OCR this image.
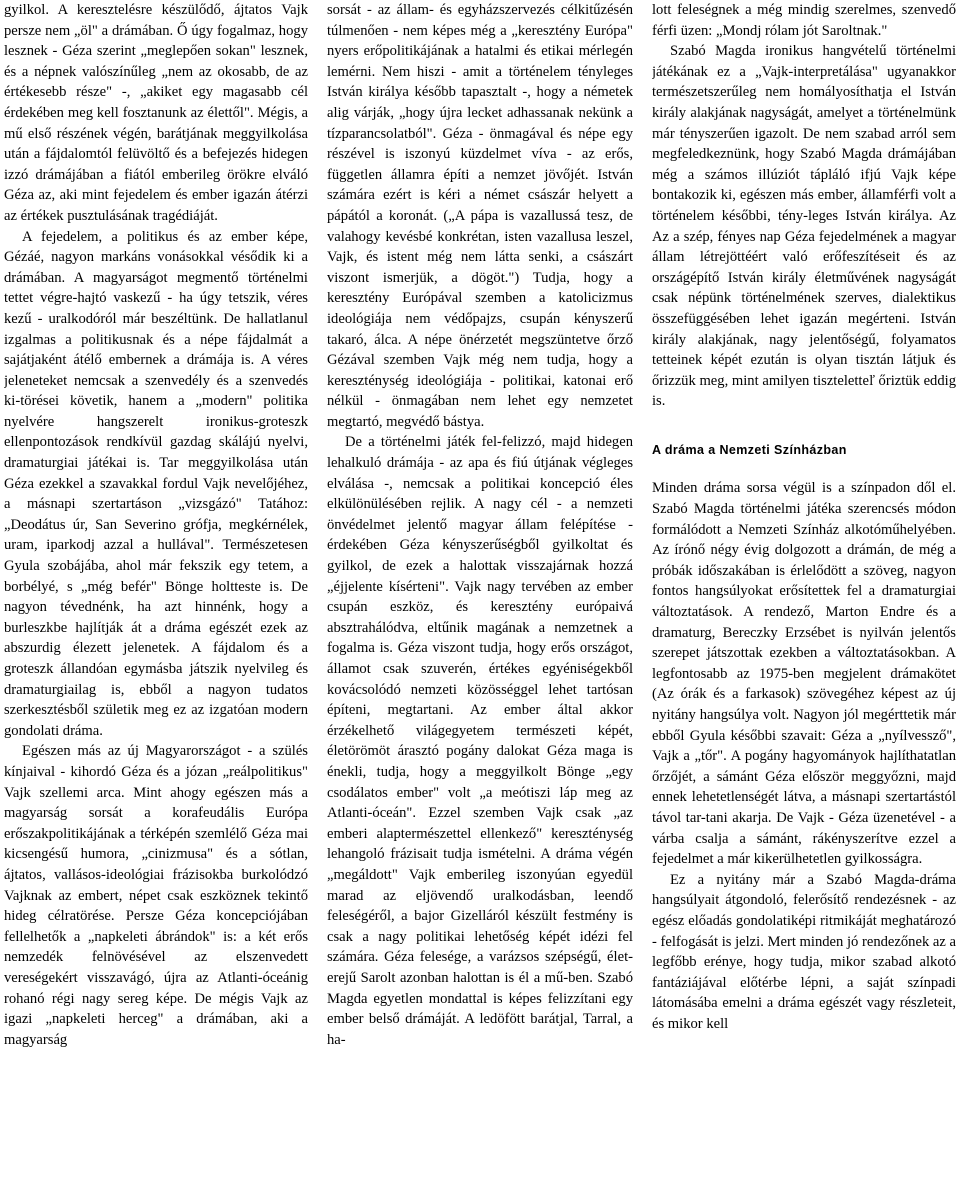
gyilkol. A keresztelésre készülődő, ájtatos Vajk persze nem „öl" a drámában. Ő úgy fogalmaz, hogy lesznek - Géza szerint „meglepően sokan" lesznek, és a népnek valószínűleg „nem az okosabb, de az értékesebb része" -, „akiket egy magasabb cél érdekében meg kell fosztanunk az élettől". Mégis, a mű első részének végén, barátjának meggyilkolása után a fájdalomtól felüvöltő és a befejezés hidegen izzó drámájában a fiától emberileg örökre elváló Géza az, aki mint fejedelem és ember igazán átérzi az értékek pusztulásának tragédiáját.

A fejedelem, a politikus és az ember képe, Gézáé, nagyon markáns vonásokkal vésődik ki a drámában. A magyarságot megmentő történelmi tettet végre-hajtó vaskezű - ha úgy tetszik, véres kezű - uralkodóról már beszéltünk. De hallatlanul izgalmas a politikusnak és a népe fájdalmát a sajátjaként átélő embernek a drámája is. A véres jeleneteket nemcsak a szenvedély és a szenvedés ki-törései követik, hanem a „modern" politika nyelvére hangszerelt ironikus-groteszk ellenpontozások rendkívül gazdag skálájú nyelvi, dramaturgiai játékai is. Tar meggyilkolása után Géza ezekkel a szavakkal fordul Vajk nevelőjéhez, a másnapi szertartáson „vizsgázó" Tatához: „Deodátus úr, San Severino grófja, megkérnélek, uram, iparkodj azzal a hullával". Természetesen Gyula szobájába, ahol már fekszik egy tetem, a borbélyé, s „még befér" Bönge holtteste is. De nagyon tévednénk, ha azt hinnénk, hogy a burleszkbe hajlítják át a dráma egészét ezek az abszurdig élezett jelenetek. A fájdalom és a groteszk állandóan egymásba játszik nyelvileg és dramaturgiailag is, ebből a nagyon tudatos szerkesztésből születik meg ez az izgatóan modern gondolati dráma.

Egészen más az új Magyarországot - a szülés kínjaival - kihordó Géza és a józan „reálpolitikus" Vajk szellemi arca. Mint ahogy egészen más a magyarság sorsát a korafeudális Európa erőszakpolitikájának a térképén szemlélő Géza mai kicsengésű humora, „cinizmusa" és a sótlan, ájtatos, vallásos-ideológiai frázisokba burkolódzó Vajknak az embert, népet csak eszköznek tekintő hideg célratörése. Persze Géza koncepciójában fellelhetők a „napkeleti ábrándok" is: a két erős nemzedék felnövésével az elszenvedett vereségekért visszavágó, újra az Atlanti-óceánig rohanó régi nagy sereg képe. De mégis Vajk az igazi „napkeleti herceg" a drámában, aki a magyarság

sorsát - az állam- és egyházszervezés célkitűzésén túlmenően - nem képes még a „keresztény Európa" nyers erőpolitikájának a hatalmi és etikai mérlegén lemérni. Nem hiszi - amit a történelem tényleges István királya később tapasztalt -, hogy a németek alig várják, „hogy újra lecket adhassanak nekünk a tízparancsolatból". Géza - önmagával és népe egy részével is iszonyú küzdelmet víva - az erős, független államra építi a nemzet jövőjét. István számára ezért is kéri a német császár helyett a pápától a koronát. („A pápa is vazallussá tesz, de valahogy kevésbé konkrétan, isten vazallusa leszel, Vajk, és istent még nem látta senki, a császárt viszont ismerjük, a dögöt.") Tudja, hogy a keresztény Európával szemben a katolicizmus ideológiája nem védőpajzs, csupán kényszerű takaró, álca. A népe önérzetét megszüntetve őrző Gézával szemben Vajk még nem tudja, hogy a kereszténység ideológiája - politikai, katonai erő nélkül - önmagában nem lehet egy nemzetet megtartó, megvédő bástya.

De a történelmi játék fel-felizzó, majd hidegen lehalkuló drámája - az apa és fiú útjának végleges elválása -, nemcsak a politikai koncepció éles elkülönülésében rejlik. A nagy cél - a nemzeti önvédelmet jelentő magyar állam felépítése - érdekében Géza kényszerűségből gyilkoltat és gyilkol, de ezek a halottak visszajárnak hozzá „éjjelente kísérteni". Vajk nagy tervében az ember csupán eszköz, és keresztény európaivá absztrahálódva, eltűnik magának a nemzetnek a fogalma is. Géza viszont tudja, hogy erős országot, államot csak szuverén, értékes egyéniségekből kovácsolódó nemzeti közösséggel lehet tartósan építeni, megtartani. Az ember által akkor érzékelhető világegyetem természeti képét, életörömöt árasztó pogány dalokat Géza maga is énekli, tudja, hogy a meggyilkolt Bönge „egy csodálatos ember" volt „a meótiszi láp meg az Atlanti-óceán". Ezzel szemben Vajk csak „az emberi alaptermészettel ellenkező" kereszténység lehangoló frázisait tudja ismételni. A dráma végén „megáldott" Vajk emberileg iszonyúan egyedül marad az eljövendő uralkodásban, leendő feleségéről, a bajor Gizelláról készült festmény is csak a nagy politikai lehetőség képét idézi fel számára. Géza felesége, a varázsos szépségű, élet-erejű Sarolt azonban halottan is él a mű-ben. Szabó Magda egyetlen mondattal is képes felizzítani egy ember belső drámáját. A ledöfött barátjal, Tarral, a ha-

lott feleségnek a még mindig szerelmes, szenvedő férfi üzen: „Mondj rólam jót Saroltnak."

Szabó Magda ironikus hangvételű történelmi játékának ez a „Vajk-interpretálása" ugyanakkor természetszerűleg nem homályosíthatja el István király alakjának nagyságát, amelyet a történelmünk már tényszerűen igazolt. De nem szabad arról sem megfeledkeznünk, hogy Szabó Magda drámájában még a számos illúziót tápláló ifjú Vajk képe bontakozik ki, egészen más ember, államférfi volt a történelem későbbi, tény-leges István királya. Az Az a szép, fényes nap Géza fejedelmének a magyar állam létrejöttéért való erőfeszítéseit és az országépítő István király életművének nagyságát csak népünk történelmének szerves, dialektikus összefüggésében lehet igazán megérteni. István király alakjának, nagy jelentőségű, folyamatos tetteinek képét ezután is olyan tisztán látjuk és őrizzük meg, mint amilyen tiszteletteľ őriztük eddig is.

A dráma a Nemzeti Színházban

Minden dráma sorsa végül is a színpadon dől el. Szabó Magda történelmi játéka szerencsés módon formálódott a Nemzeti Színház alkotóműhelyében. Az írónő négy évig dolgozott a drámán, de még a próbák időszakában is érlelődött a szöveg, nagyon fontos hangsúlyokat erősítettek fel a dramaturgiai változtatások. A rendező, Marton Endre és a dramaturg, Bereczky Erzsébet is nyilván jelentős szerepet játszottak ezekben a változtatásokban. A legfontosabb az 1975-ben megjelent drámakötet (Az órák és a farkasok) szövegéhez képest az új nyitány hangsúlya volt. Nagyon jól megérttetik már ebből Gyula későbbi szavait: Géza a „nyílvessző", Vajk a „tőr". A pogány hagyományok hajlíthatatlan őrzőjét, a sámánt Géza először meggyőzni, majd ennek lehetetlenségét látva, a másnapi szertartástól távol tar-tani akarja. De Vajk - Géza üzenetével - a várba csalja a sámánt, rákényszerítve ezzel a fejedelmet a már kikerülhetetlen gyilkosságra.

Ez a nyitány már a Szabó Magda-dráma hangsúlyait átgondoló, felerősítő rendezésnek - az egész előadás gondolatiképi ritmikáját meghatározó - felfogását is jelzi. Mert minden jó rendezőnek az a legfőbb erénye, hogy tudja, mikor szabad alkotó fantáziájával előtérbe lépni, a saját színpadi látomásába emelni a dráma egészét vagy részleteit, és mikor kell
